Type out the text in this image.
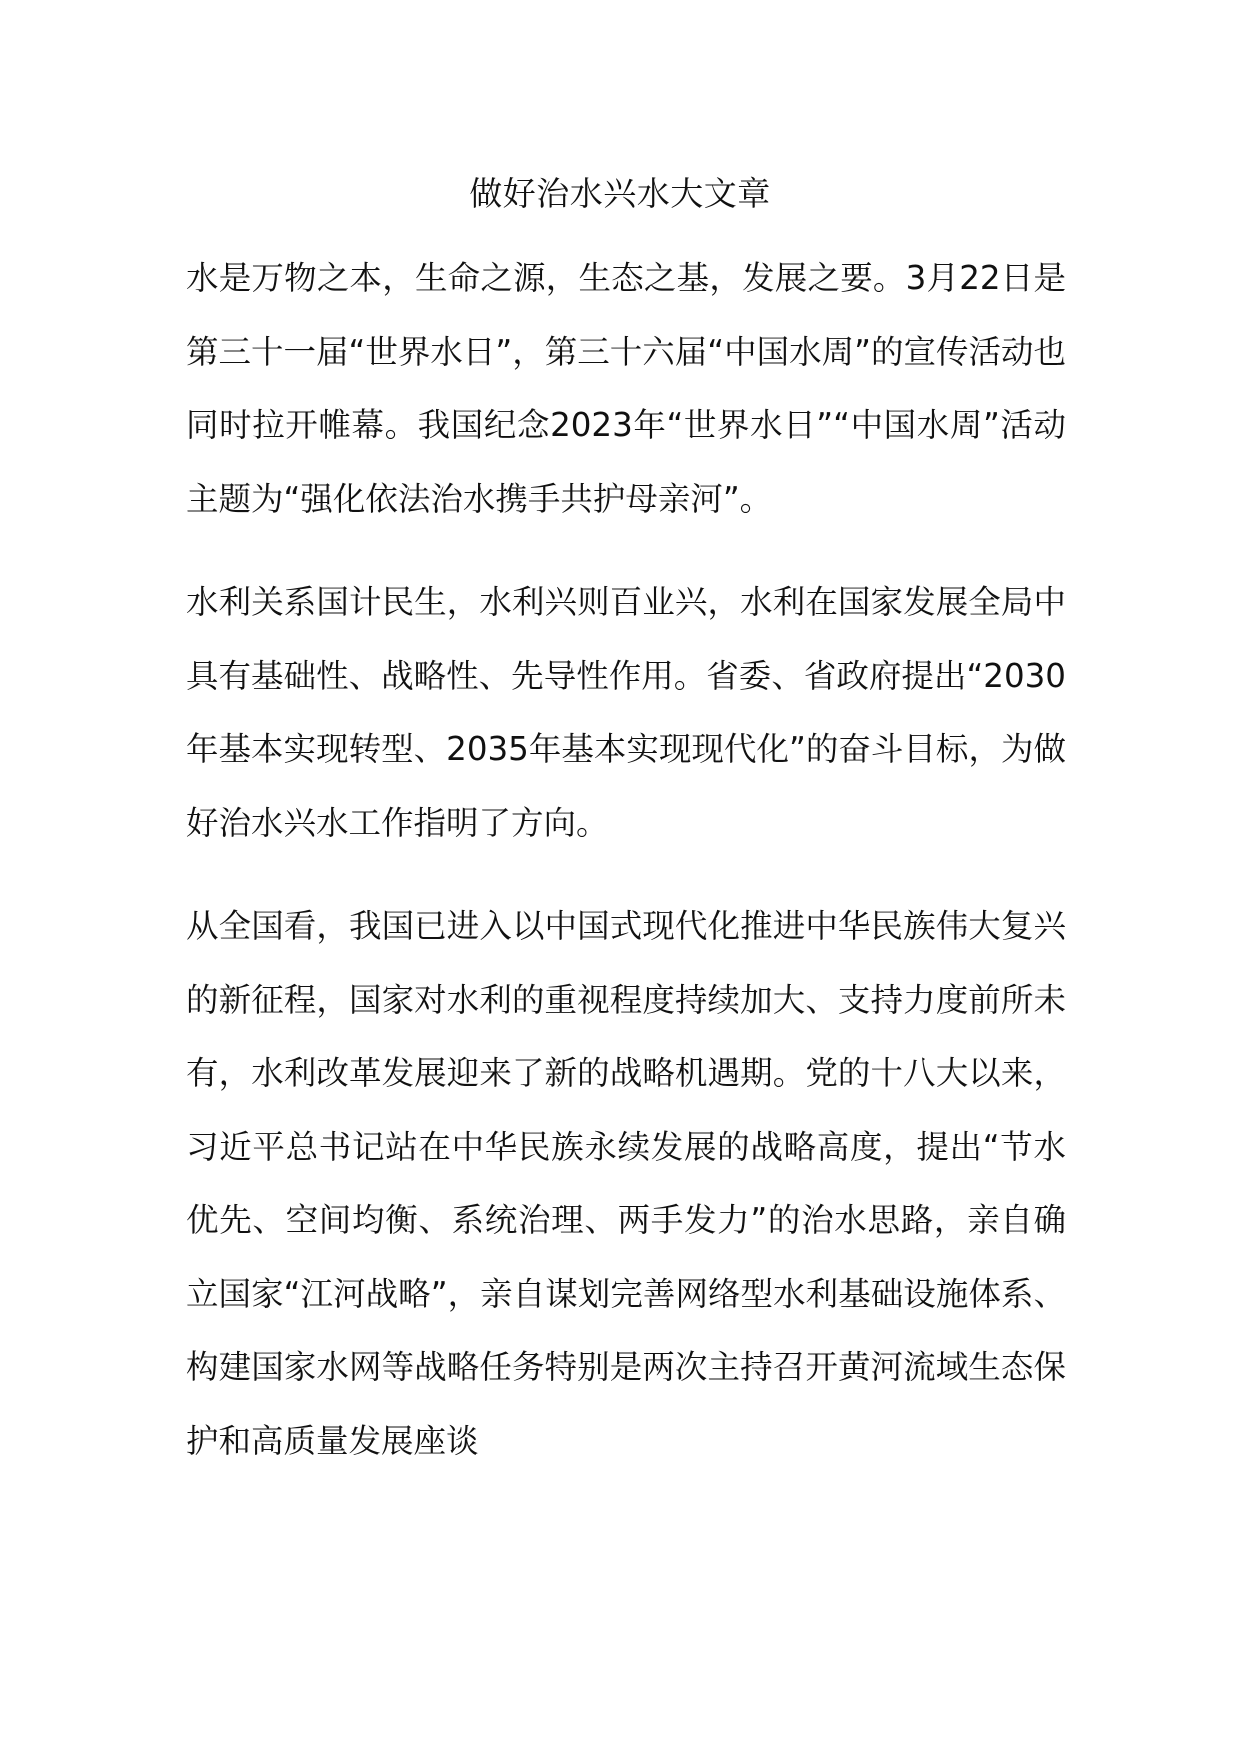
做好治水兴水大文章

水是万物之本，生命之源，生态之基，发展之要。3月22日是第三十一届“世界水日”，第三十六届“中国水周”的宣传活动也同时拉开帷幕。我国纪念2023年“世界水日”“中国水周”活动主题为“强化依法治水携手共护母亲河”。

水利关系国计民生，水利兴则百业兴，水利在国家发展全局中具有基础性、战略性、先导性作用。省委、省政府提出“2030年基本实现转型、2035年基本实现现代化”的奋斗目标，为做好治水兴水工作指明了方向。

从全国看，我国已进入以中国式现代化推进中华民族伟大复兴的新征程，国家对水利的重视程度持续加大、支持力度前所未有，水利改革发展迎来了新的战略机遇期。党的十八大以来，习近平总书记站在中华民族永续发展的战略高度，提出“节水优先、空间均衡、系统治理、两手发力”的治水思路，亲自确立国家“江河战略”，亲自谋划完善网络型水利基础设施体系、构建国家水网等战略任务特别是两次主持召开黄河流域生态保护和高质量发展座谈
